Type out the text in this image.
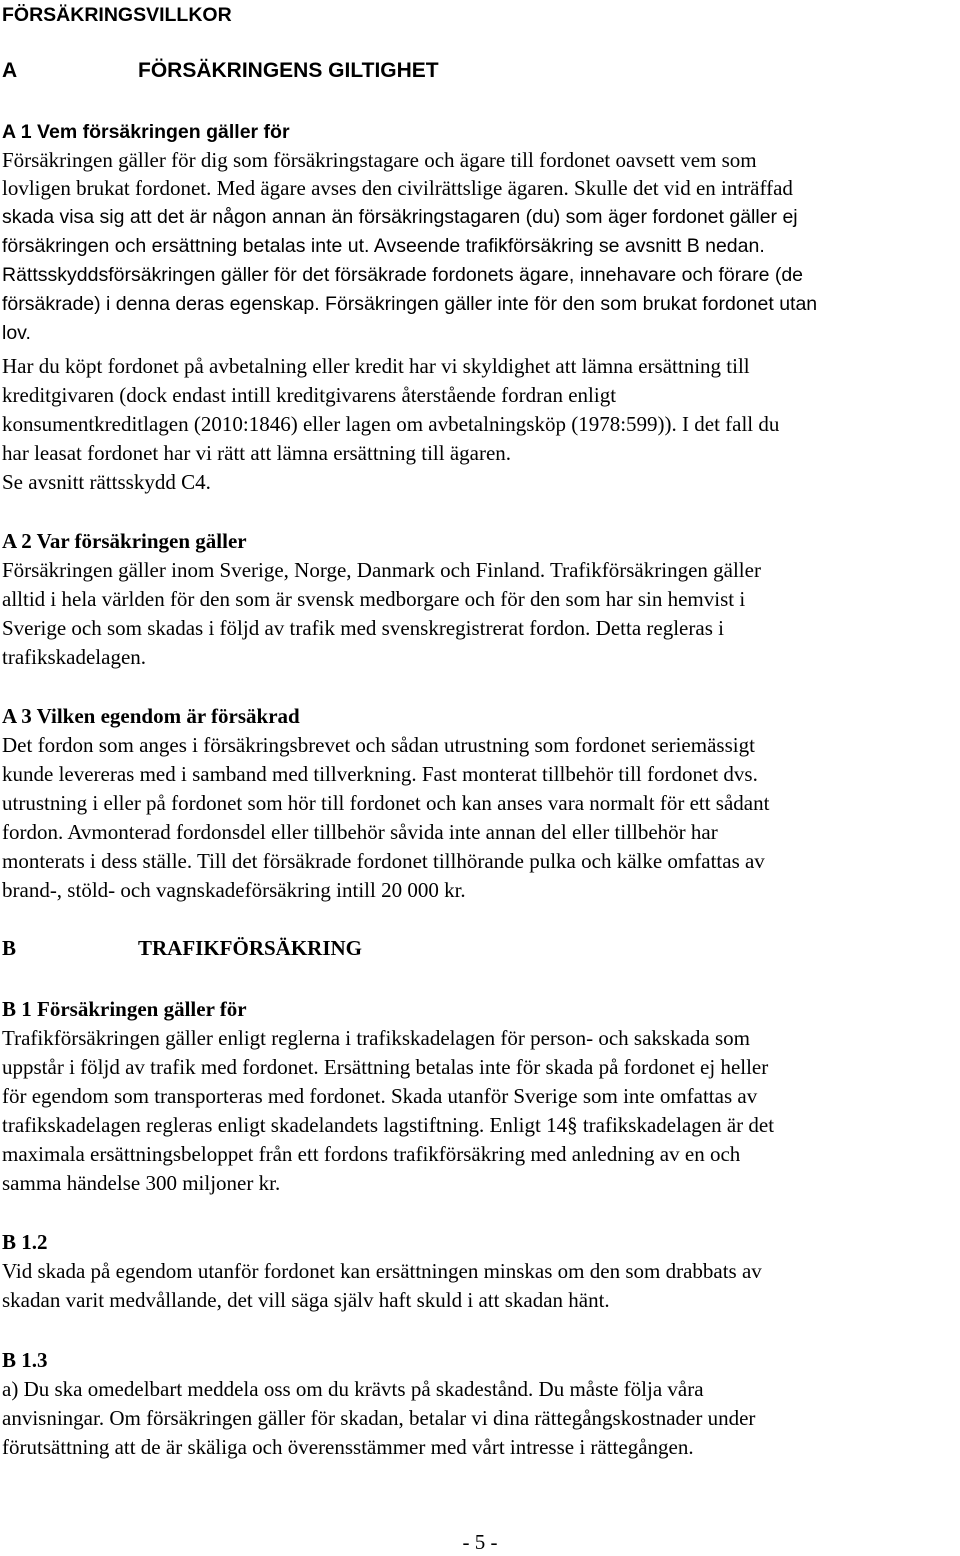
FÖRSÄKRINGSVILLKOR
A	FÖRSÄKRINGENS GILTIGHET
A 1 Vem försäkringen gäller för
Försäkringen gäller för dig som försäkringstagare och ägare till fordonet oavsett vem som
lovligen brukat fordonet. Med ägare avses den civilrättslige ägaren. Skulle det vid en inträffad
skada visa sig att det är någon annan än försäkringstagaren (du) som äger fordonet gäller ej
försäkringen och ersättning betalas inte ut. Avseende trafikförsäkring se avsnitt B nedan.
Rättsskyddsförsäkringen gäller för det försäkrade fordonets ägare, innehavare och förare (de
försäkrade) i denna deras egenskap. Försäkringen gäller inte för den som brukat fordonet utan
lov.
Har du köpt fordonet på avbetalning eller kredit har vi skyldighet att lämna ersättning till
kreditgivaren (dock endast intill kreditgivarens återstående fordran enligt
konsumentkreditlagen (2010:1846) eller lagen om avbetalningsköp (1978:599)). I det fall du
har leasat fordonet har vi rätt att lämna ersättning till ägaren.
Se avsnitt rättsskydd C4.
A 2 Var försäkringen gäller
Försäkringen gäller inom Sverige, Norge, Danmark och Finland. Trafikförsäkringen gäller
alltid i hela världen för den som är svensk medborgare och för den som har sin hemvist i
Sverige och som skadas i följd av trafik med svenskregistrerat fordon. Detta regleras i
trafikskadelagen.
A 3 Vilken egendom är försäkrad
Det fordon som anges i försäkringsbrevet och sådan utrustning som fordonet seriemässigt
kunde levereras med i samband med tillverkning. Fast monterat tillbehör till fordonet dvs.
utrustning i eller på fordonet som hör till fordonet och kan anses vara normalt för ett sådant
fordon. Avmonterad fordonsdel eller tillbehör såvida inte annan del eller tillbehör har
monterats i dess ställe. Till det försäkrade fordonet tillhörande pulka och kälke omfattas av
brand-, stöld- och vagnskadeförsäkring intill 20 000 kr.
B	TRAFIKFÖRSÄKRING
B 1 Försäkringen gäller för
Trafikförsäkringen gäller enligt reglerna i trafikskadelagen för person- och sakskada som
uppstår i följd av trafik med fordonet. Ersättning betalas inte för skada på fordonet ej heller
för egendom som transporteras med fordonet. Skada utanför Sverige som inte omfattas av
trafikskadelagen regleras enligt skadelandets lagstiftning. Enligt 14§ trafikskadelagen är det
maximala ersättningsbeloppet från ett fordons trafikförsäkring med anledning av en och
samma händelse 300 miljoner kr.
B 1.2
Vid skada på egendom utanför fordonet kan ersättningen minskas om den som drabbats av
skadan varit medvållande, det vill säga själv haft skuld i att skadan hänt.
B 1.3
a) Du ska omedelbart meddela oss om du krävts på skadestånd. Du måste följa våra
anvisningar. Om försäkringen gäller för skadan, betalar vi dina rättegångskostnader under
förutsättning att de är skäliga och överensstämmer med vårt intresse i rättegången.
- 5 -
